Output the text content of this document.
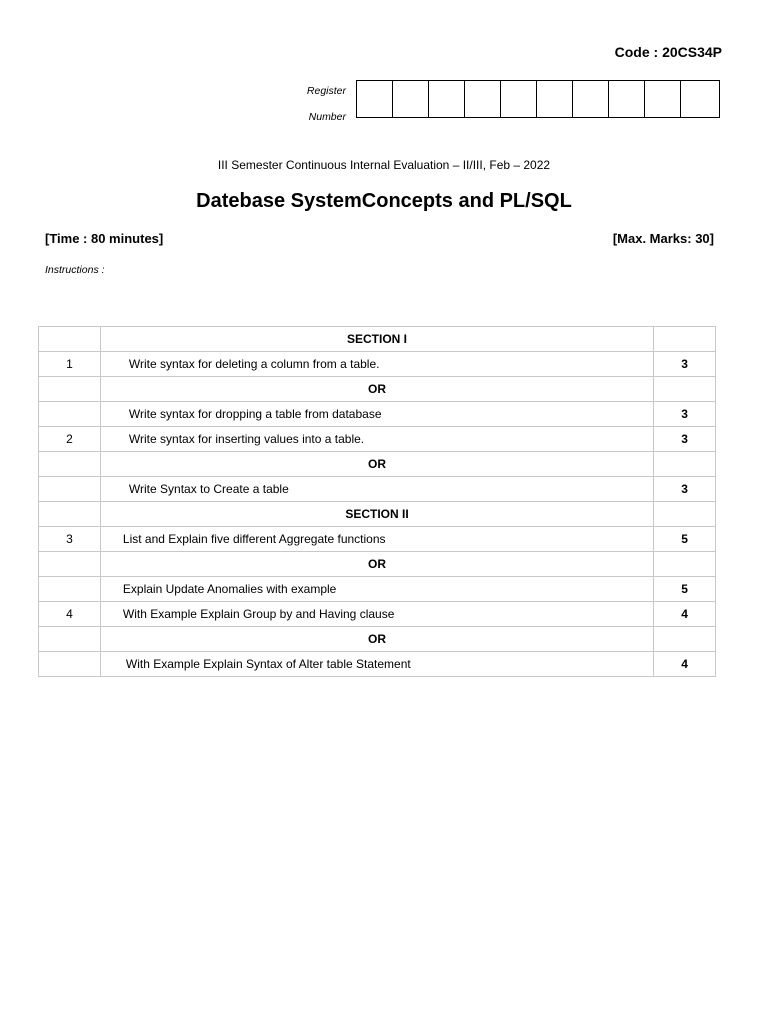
Code : 20CS34P
Register
Number
III Semester Continuous Internal Evaluation – II/III, Feb – 2022
Datebase SystemConcepts and PL/SQL
[Time : 80 minutes]	[Max. Marks: 30]
Instructions :
	SECTION I	
1	Write syntax for deleting a column from a table.	3
	OR	
	Write syntax for dropping a table from database	3
2	Write syntax for inserting values into a table.	3
	OR	
	Write Syntax to Create a table	3
	SECTION II	
3	List and Explain five different Aggregate functions	5
	OR	
	Explain Update Anomalies with example	5
4	With Example Explain Group by and Having clause	4
	OR	
	With Example Explain Syntax of Alter table Statement	4
